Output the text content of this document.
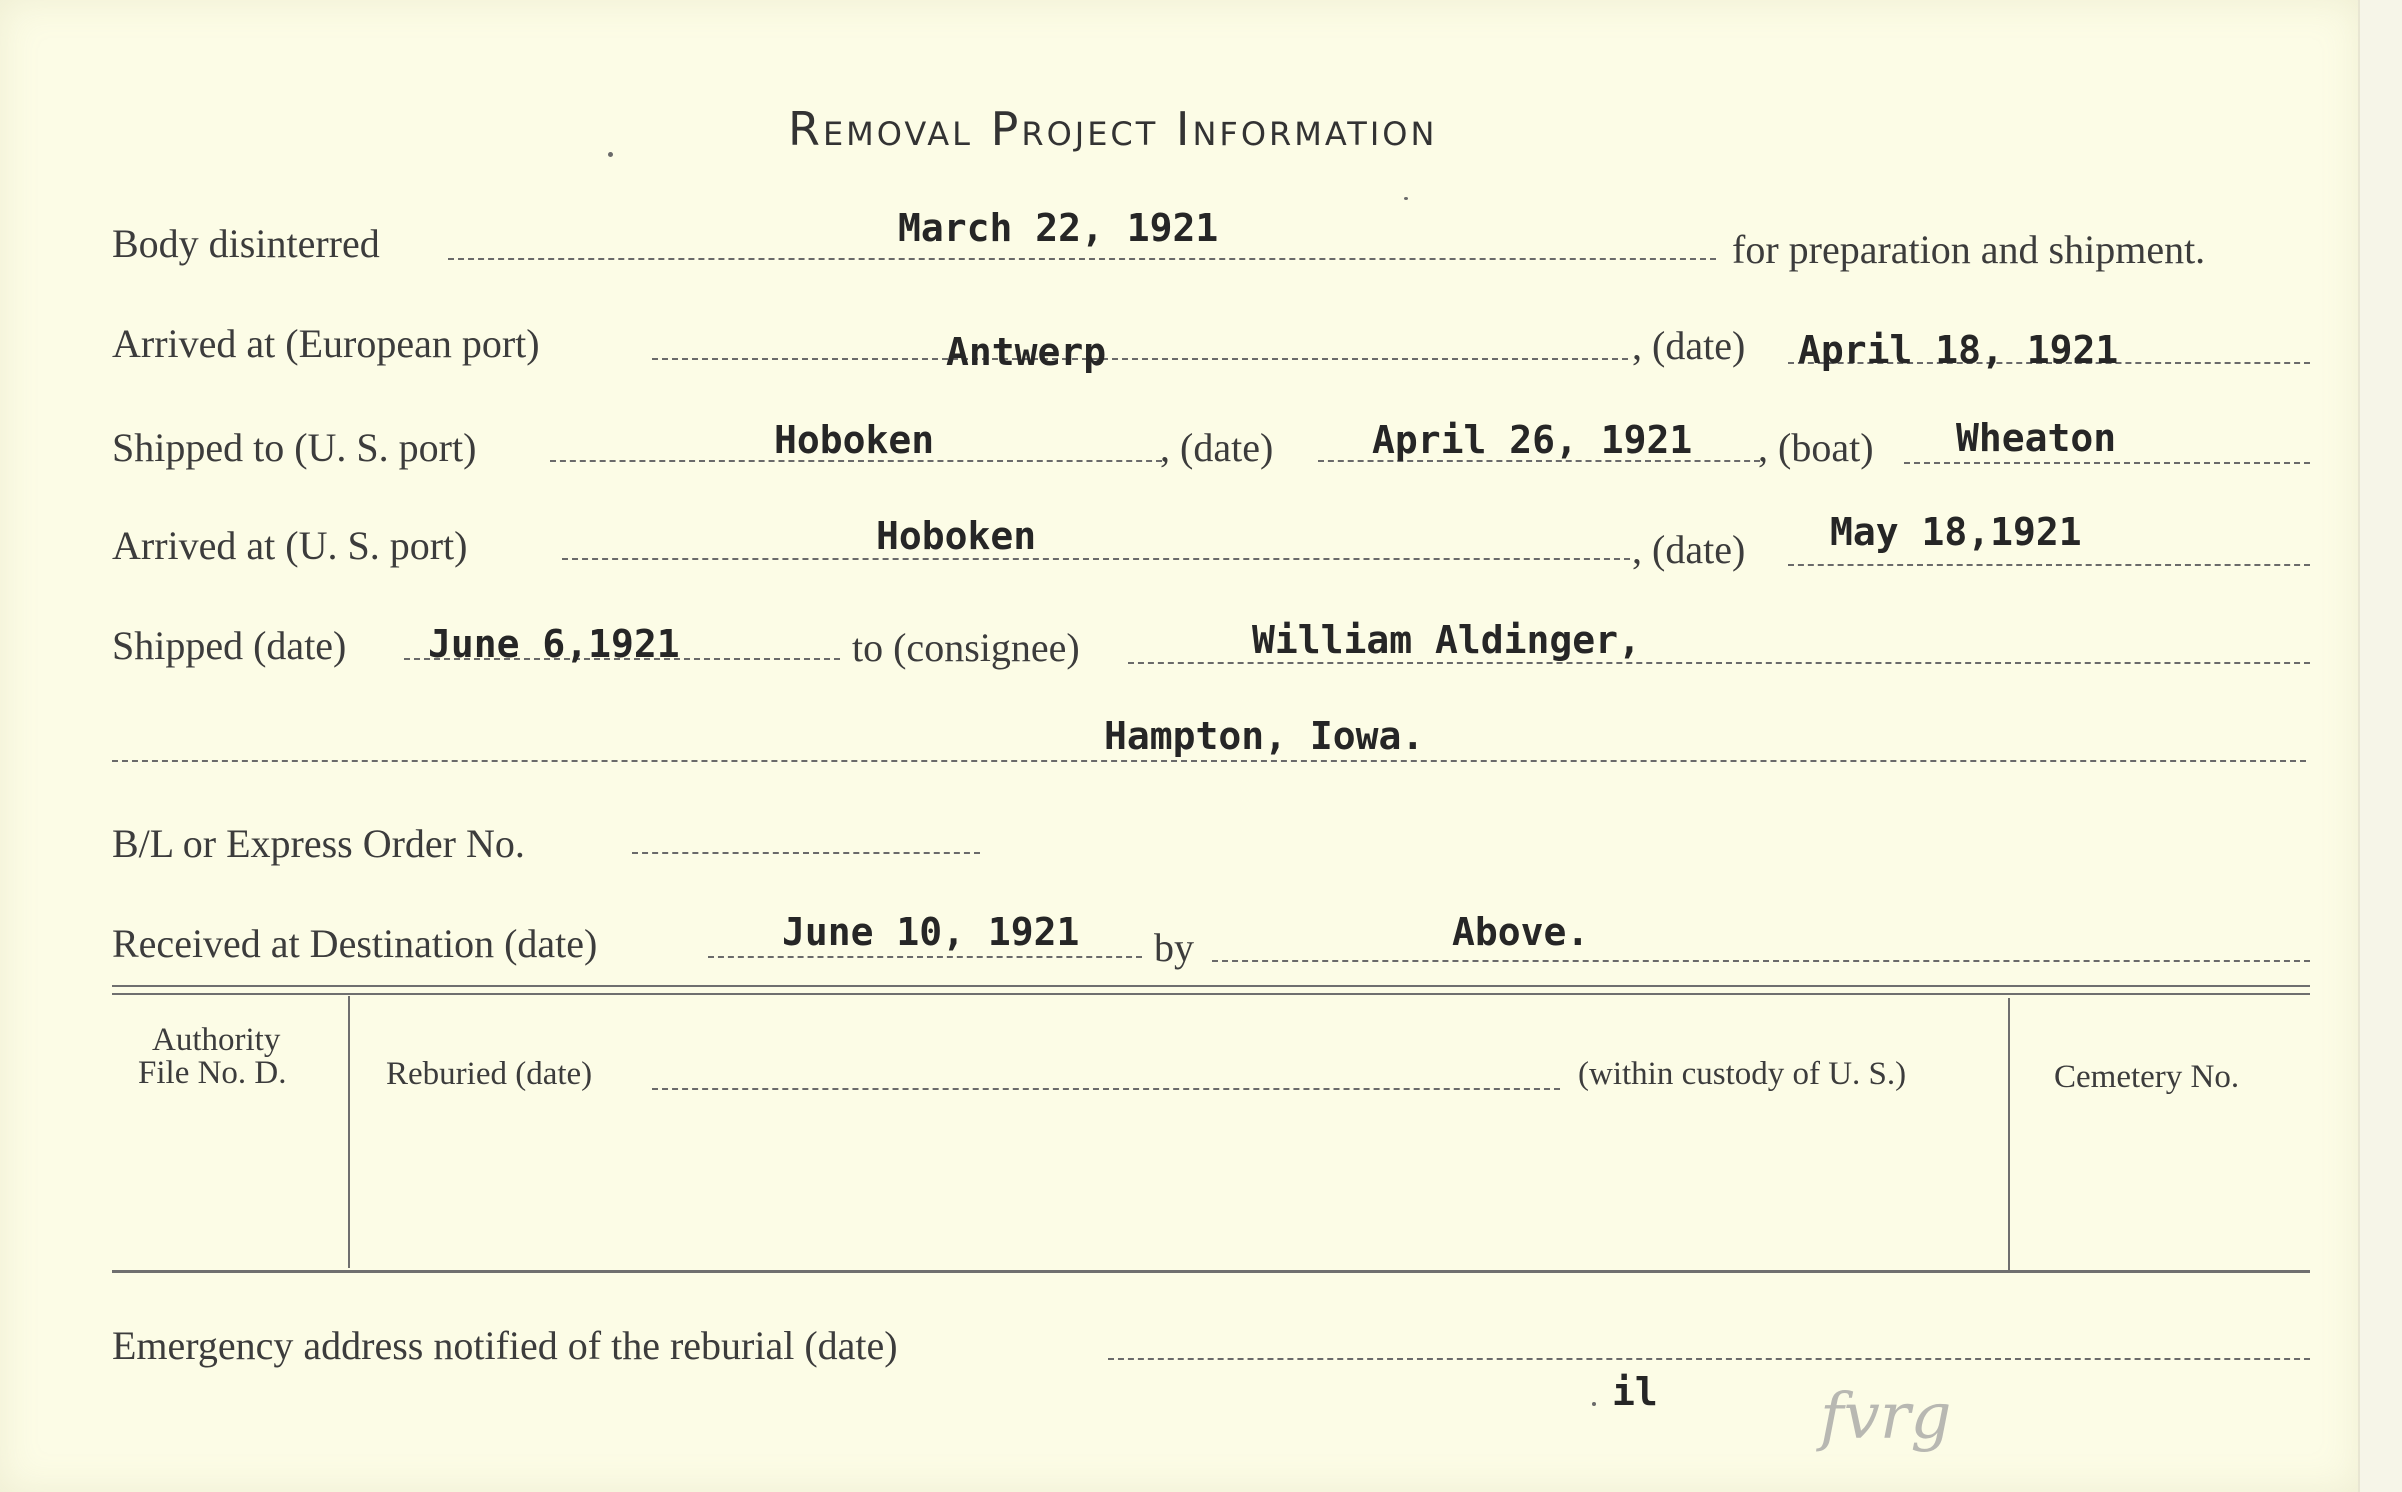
Removal Project Information
Body disinterred	March 22, 1921	for preparation and shipment.
Arrived at (European port)	Antwerp	, (date) April 18, 1921
Shipped to (U. S. port)	Hoboken	, (date)	April 26, 1921 , (boat) Wheaton
Arrived at (U. S. port)	Hoboken	, (date) May 18,1921
Shipped (date) June 6,1921	to (consignee)	William Aldinger,
Hampton, Iowa.
B/L or Express Order No.
Received at Destination (date)	June 10, 1921 by	Above.
Authority
File No. D.	Reburied (date)	(within custody of U. S.)	Cemetery No.
Emergency address notified of the reburial (date)
il	fvrg
